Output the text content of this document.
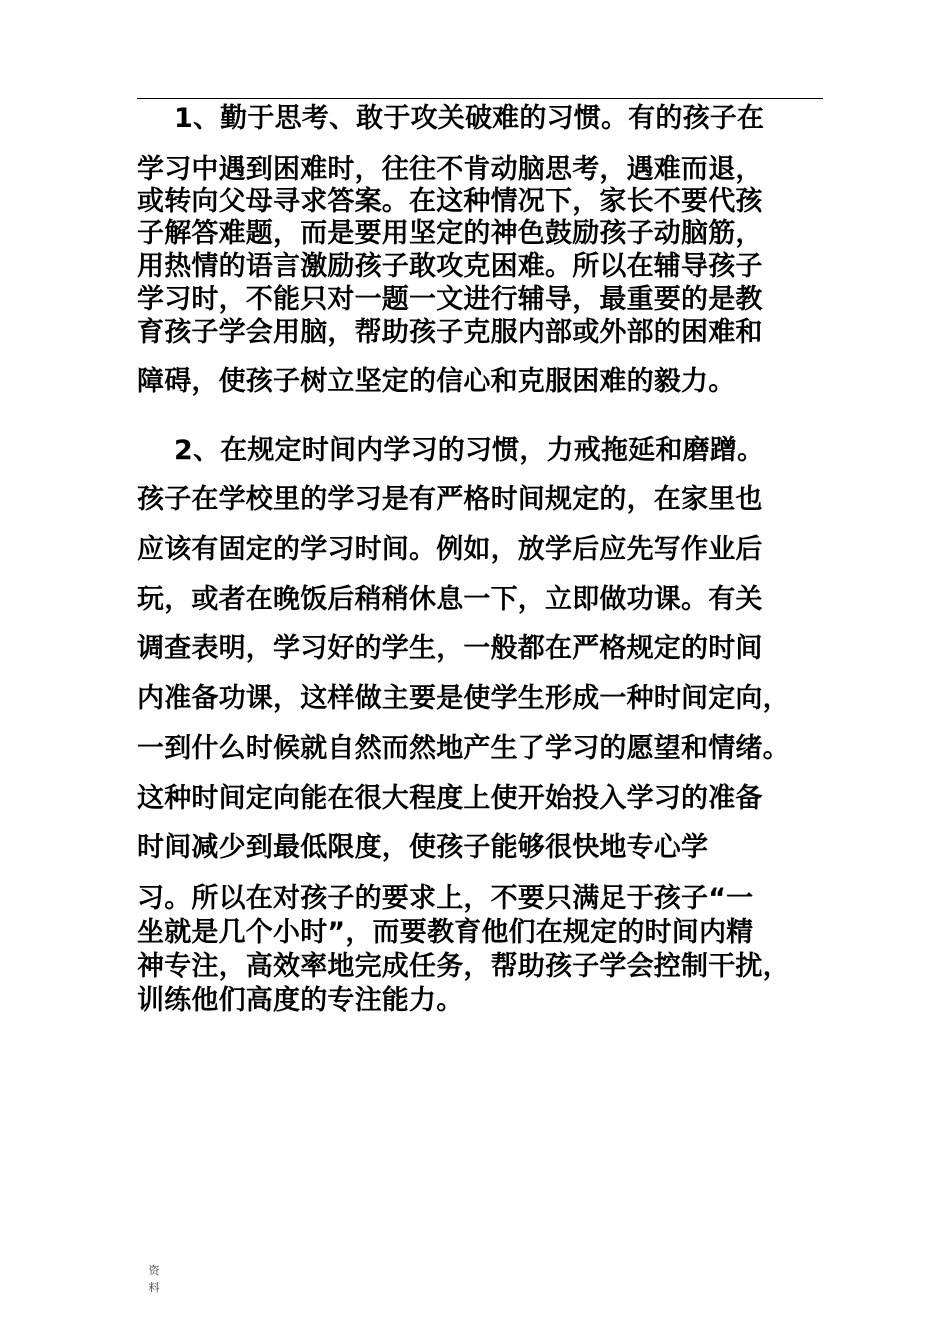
1、勤于思考、敢于攻关破难的习惯。有的孩子在
学习中遇到困难时，往往不肯动脑思考，遇难而退，
或转向父母寻求答案。在这种情况下，家长不要代孩
子解答难题，而是要用坚定的神色鼓励孩子动脑筋，
用热情的语言激励孩子敢攻克困难。所以在辅导孩子
学习时，不能只对一题一文进行辅导，最重要的是教
育孩子学会用脑，帮助孩子克服内部或外部的困难和
障碍，使孩子树立坚定的信心和克服困难的毅力。
2、在规定时间内学习的习惯，力戒拖延和磨蹭。
孩子在学校里的学习是有严格时间规定的，在家里也
应该有固定的学习时间。例如，放学后应先写作业后
玩，或者在晚饭后稍稍休息一下，立即做功课。有关
调查表明，学习好的学生，一般都在严格规定的时间
内准备功课，这样做主要是使学生形成一种时间定向，
一到什么时候就自然而然地产生了学习的愿望和情绪。
这种时间定向能在很大程度上使开始投入学习的准备
时间减少到最低限度，使孩子能够很快地专心学
习。所以在对孩子的要求上，不要只满足于孩子“一
坐就是几个小时”，而要教育他们在规定的时间内精
神专注，高效率地完成任务，帮助孩子学会控制干扰，
训练他们高度的专注能力。
资
料
